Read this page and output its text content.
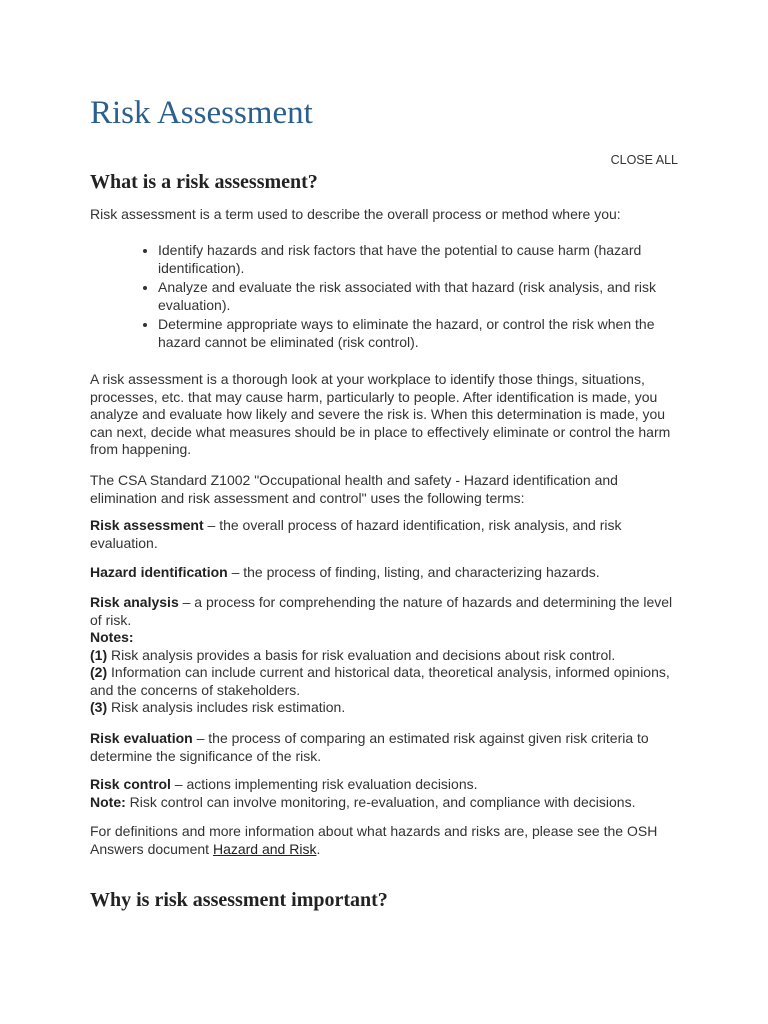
Risk Assessment
CLOSE ALL
What is a risk assessment?

Risk assessment is a term used to describe the overall process or method where you:

• Identify hazards and risk factors that have the potential to cause harm (hazard identification).
• Analyze and evaluate the risk associated with that hazard (risk analysis, and risk evaluation).
• Determine appropriate ways to eliminate the hazard, or control the risk when the hazard cannot be eliminated (risk control).

A risk assessment is a thorough look at your workplace to identify those things, situations, processes, etc. that may cause harm, particularly to people. After identification is made, you analyze and evaluate how likely and severe the risk is. When this determination is made, you can next, decide what measures should be in place to effectively eliminate or control the harm from happening.

The CSA Standard Z1002 "Occupational health and safety - Hazard identification and elimination and risk assessment and control" uses the following terms:

Risk assessment – the overall process of hazard identification, risk analysis, and risk evaluation.

Hazard identification – the process of finding, listing, and characterizing hazards.

Risk analysis – a process for comprehending the nature of hazards and determining the level of risk.
Notes:
(1) Risk analysis provides a basis for risk evaluation and decisions about risk control.
(2) Information can include current and historical data, theoretical analysis, informed opinions, and the concerns of stakeholders.
(3) Risk analysis includes risk estimation.

Risk evaluation – the process of comparing an estimated risk against given risk criteria to determine the significance of the risk.

Risk control – actions implementing risk evaluation decisions.
Note: Risk control can involve monitoring, re-evaluation, and compliance with decisions.

For definitions and more information about what hazards and risks are, please see the OSH Answers document Hazard and Risk.

Why is risk assessment important?
